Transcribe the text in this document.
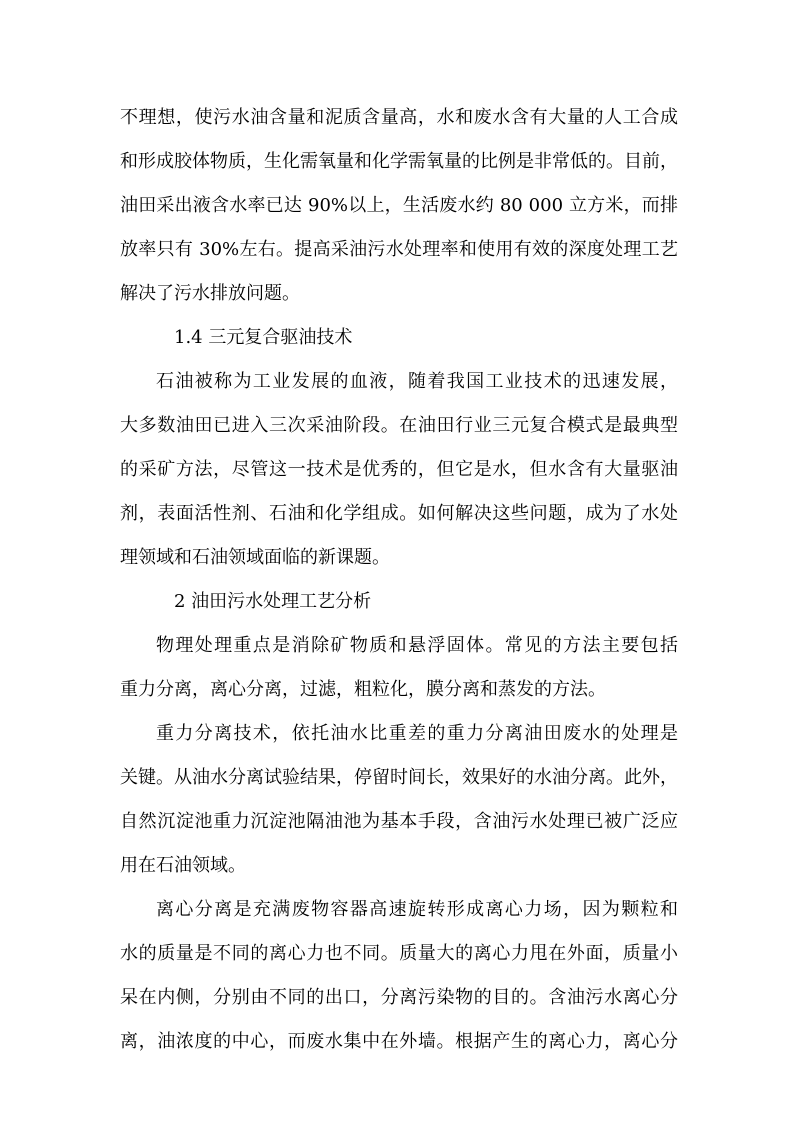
不理想，使污水油含量和泥质含量高，水和废水含有大量的人工合成
和形成胶体物质，生化需氧量和化学需氧量的比例是非常低的。目前，
油田采出液含水率已达 90%以上，生活废水约 80 000 立方米，而排
放率只有 30%左右。提高采油污水处理率和使用有效的深度处理工艺
解决了污水排放问题。
1.4 三元复合驱油技术
石油被称为工业发展的血液，随着我国工业技术的迅速发展，
大多数油田已进入三次采油阶段。在油田行业三元复合模式是最典型
的采矿方法，尽管这一技术是优秀的，但它是水，但水含有大量驱油
剂，表面活性剂、石油和化学组成。如何解决这些问题，成为了水处
理领域和石油领域面临的新课题。
2 油田污水处理工艺分析
物理处理重点是消除矿物质和悬浮固体。常见的方法主要包括
重力分离，离心分离，过滤，粗粒化，膜分离和蒸发的方法。
重力分离技术，依托油水比重差的重力分离油田废水的处理是
关键。从油水分离试验结果，停留时间长，效果好的水油分离。此外，
自然沉淀池重力沉淀池隔油池为基本手段，含油污水处理已被广泛应
用在石油领域。
离心分离是充满废物容器高速旋转形成离心力场，因为颗粒和
水的质量是不同的离心力也不同。质量大的离心力甩在外面，质量小
呆在内侧，分别由不同的出口，分离污染物的目的。含油污水离心分
离，油浓度的中心，而废水集中在外墙。根据产生的离心力，离心分
